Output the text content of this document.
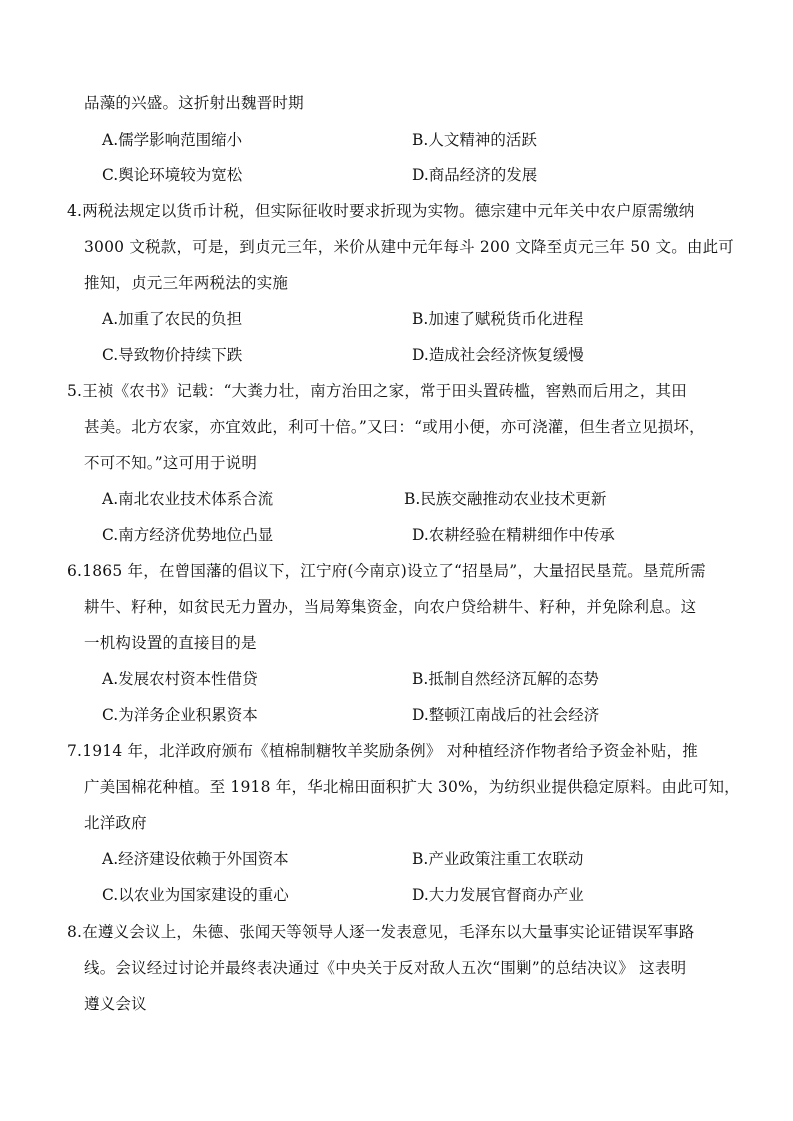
品藻的兴盛。这折射出魏晋时期
A.儒学影响范围缩小	B.人文精神的活跃
C.舆论环境较为宽松	D.商品经济的发展
4.两税法规定以货币计税，但实际征收时要求折现为实物。德宗建中元年关中农户原需缴纳
3000 文税款，可是，到贞元三年，米价从建中元年每斗 200 文降至贞元三年 50 文。由此可
推知，贞元三年两税法的实施
A.加重了农民的负担	B.加速了赋税货币化进程
C.导致物价持续下跌	D.造成社会经济恢复缓慢
5.王祯《农书》记载：“大粪力壮，南方治田之家，常于田头置砖槛，窖熟而后用之，其田
甚美。北方农家，亦宜效此，利可十倍。”又曰：“或用小便，亦可浇灌，但生者立见损坏，
不可不知。”这可用于说明
A.南北农业技术体系合流	B.民族交融推动农业技术更新
C.南方经济优势地位凸显	D.农耕经验在精耕细作中传承
6.1865 年，在曾国藩的倡议下，江宁府(今南京)设立了“招垦局”，大量招民垦荒。垦荒所需
耕牛、籽种，如贫民无力置办，当局筹集资金，向农户贷给耕牛、籽种，并免除利息。这
一机构设置的直接目的是
A.发展农村资本性借贷	B.抵制自然经济瓦解的态势
C.为洋务企业积累资本	D.整顿江南战后的社会经济
7.1914 年，北洋政府颁布《植棉制糖牧羊奖励条例》 对种植经济作物者给予资金补贴，推
广美国棉花种植。至 1918 年，华北棉田面积扩大 30%，为纺织业提供稳定原料。由此可知，
北洋政府
A.经济建设依赖于外国资本	B.产业政策注重工农联动
C.以农业为国家建设的重心	D.大力发展官督商办产业
8.在遵义会议上，朱德、张闻天等领导人逐一发表意见，毛泽东以大量事实论证错误军事路
线。会议经过讨论并最终表决通过《中央关于反对敌人五次“围剿”的总结决议》 这表明
遵义会议
